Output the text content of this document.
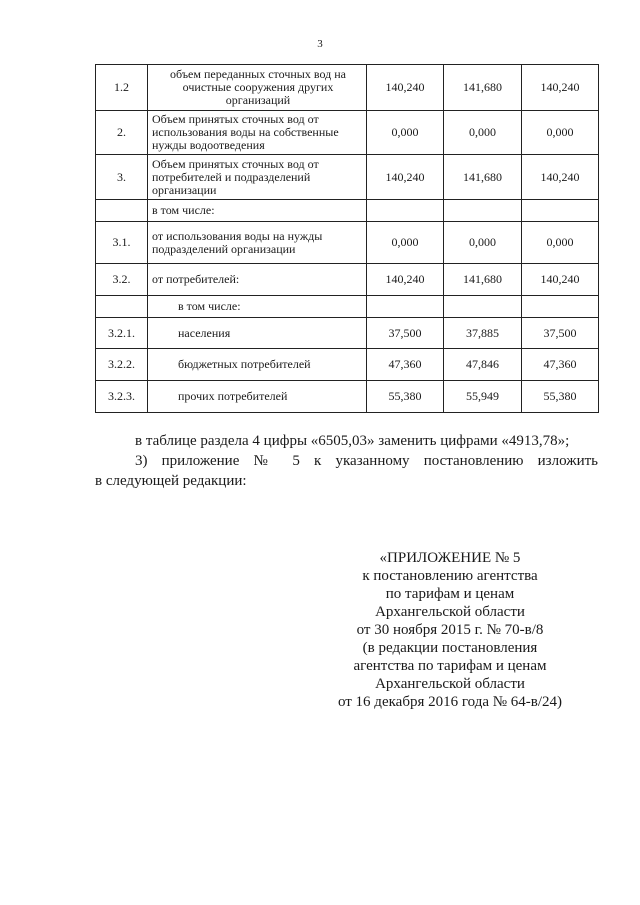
3
1.2	объем переданных сточных вод на очистные сооружения других организаций	140,240	141,680	140,240
2.	Объем принятых сточных вод от использования воды на собственные нужды водоотведения	0,000	0,000	0,000
3.	Объем принятых сточных вод от потребителей и подразделений организации	140,240	141,680	140,240
	в том числе:			
3.1.	от использования воды на нужды подразделений организации	0,000	0,000	0,000
3.2.	от потребителей:	140,240	141,680	140,240
	в том числе:			
3.2.1.	населения	37,500	37,885	37,500
3.2.2.	бюджетных потребителей	47,360	47,846	47,360
3.2.3.	прочих потребителей	55,380	55,949	55,380
в таблице раздела 4 цифры «6505,03» заменить цифрами «4913,78»;
3) приложение № 5 к указанному постановлению изложить
в следующей редакции:
«ПРИЛОЖЕНИЕ № 5
к постановлению агентства
по тарифам и ценам
Архангельской области
от 30 ноября 2015 г. № 70-в/8
(в редакции постановления
агентства по тарифам и ценам
Архангельской области
от 16 декабря 2016 года № 64-в/24)
